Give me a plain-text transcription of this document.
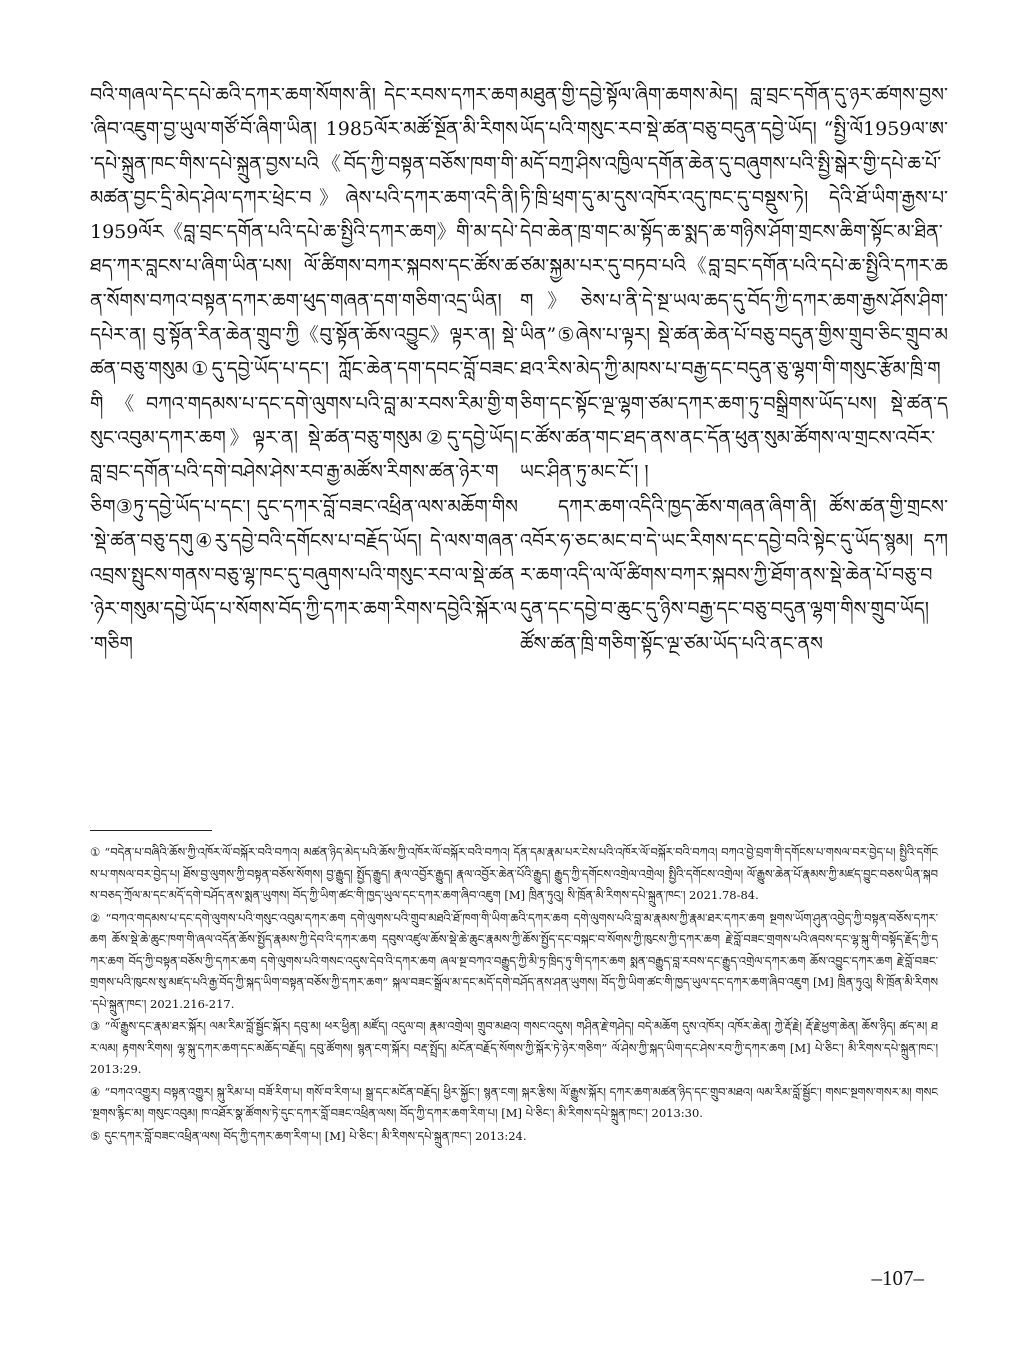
བའི་གཞལ་དེང་དཔེ་ཆའི་དཀར་ཆག་སོགས་ནི། དེང་རབས་དཀར་ཆག་ཞིབ་འཇུག་བྱ་ཡུལ་གཙོ་བོ་ཞིག་ཡིན། 1985ལོར་མཚོ་སྔོན་མི་རིགས་དཔེ་སྐྲུན་ཁང་གིས་དཔེ་སྐྲུན་བྱས་པའི《བོད་ཀྱི་བསྟན་བཅོས་ཁག་གི་མཚན་བྱང་དྲི་མེད་ཤེལ་དཀར་ཕྲེང་བ》ཞེས་པའི་དཀར་ཆག་འདི་ནི། 1959ལོར《བླ་བྲང་དགོན་པའི་དཔེ་ཆ་སྤྱིའི་དཀར་ཆག》གི་མ་དཔེ་ཐད་ཀར་བླངས་པ་ཞིག་ཡིན་པས། ལོ་ཚིགས་བཀར་སྐབས་དང་ཚོས་ཚན་སོགས་བཀའ་བསྟན་དཀར་ཆག་ཕུད་གཞན་དག་གཅིག་འདྲ་ཡིན། དཔེར་ན། བུ་སྟོན་རིན་ཆེན་གྲུབ་ཀྱི《བུ་སྟོན་ཆོས་འབྱུང》ལྟར་ན། སྡེ་ཚན་བཅུ་གསུམ①དུ་དབྱེ་ཡོད་པ་དང་། ཀློང་ཆེན་དག་དབང་བློ་བཟང་གི《བཀའ་གདམས་པ་དང་དགེ་ལུགས་པའི་བླ་མ་རབས་རིམ་གྱི་གསུང་འབུམ་དཀར་ཆག》ལྟར་ན། སྡེ་ཚན་བཅུ་གསུམ②དུ་དབྱེ་ཡོད། བླ་བྲང་དགོན་པའི་དགེ་བཤེས་ཤེས་རབ་རྒྱ་མཚོས་རིགས་ཚན་ཉེར་གཅིག③ཏུ་དབྱེ་ཡོད་པ་དང་། དུང་དཀར་བློ་བཟང་འཕྲིན་ལས་མཆོག་གིས་སྡེ་ཚན་བཅུ་དགུ④རུ་དབྱེ་བའི་དགོངས་པ་བརྗོད་ཡོད། དེ་ལས་གཞན་འབྲས་སྤུངས་གནས་བཅུ་ལྷ་ཁང་དུ་བཞུགས་པའི་གསུང་རབ་ལ་སྡེ་ཚན་ཉེར་གསུམ་དབྱེ་ཡོད་པ་སོགས་བོད་ཀྱི་དཀར་ཆག་རིགས་དབྱེའི་སྐོར་ལ་གཅིག

མཐུན་གྱི་དབྱེ་སྟོལ་ཞིག་ཆགས་མེད། བླ་བྲང་དགོན་དུ་ཉར་ཚགས་བྱས་ཡོད་པའི་གསུང་རབ་སྡེ་ཚན་བཅུ་བདུན་དབྱེ་ཡོད། “སྤྱི་ལོ1959ལ་ཨ་མདོ་བཀྲ་ཤིས་འཁྱིལ་དགོན་ཆེན་དུ་བཞུགས་པའི་སྤྱི་སྒེར་གྱི་དཔེ་ཆ་པོ་ཏི་ཁྲི་ཕྲག་དུ་མ་དུས་འཁོར་འདུ་ཁང་དུ་བསྡུས་ཏེ། དེའི་ཐོ་ཡིག་རྒྱས་པ་དེབ་ཆེན་ཁྲ་གང་མ་སྟོད་ཆ་སྨད་ཆ་གཉིས་ཤོག་གྲངས་ཆིག་སྟོང་མ་ཐིན་ཙམ་སྐྱམ་པར་དུ་བཏབ་པའི《བླ་བྲང་དགོན་པའི་དཔེ་ཆ་སྤྱིའི་དཀར་ཆག》ཅེས་པ་ནི་དེ་སྔ་ཡལ་ཆད་དུ་བོད་ཀྱི་དཀར་ཆག་རྒྱས་ཤོས་ཤིག་ཡིན”⑤ཞེས་པ་ལྟར། སྡེ་ཚན་ཆེན་པོ་བཅུ་བདུན་གྱིས་གྲུབ་ཅིང་གྲུབ་མཐའ་རིས་མེད་ཀྱི་མཁས་པ་བརྒྱ་དང་བདུན་ཅུ་ལྷག་གི་གསུང་རྩོམ་ཁྲི་གཅིག་དང་སྟོང་ལྔ་ལྷག་ཙམ་དཀར་ཆག་ཏུ་བསྒྲིགས་ཡོད་པས། སྡེ་ཚན་དང་ཚོས་ཚན་གང་ཐད་ནས་ནང་དོན་ཕུན་སུམ་ཚོགས་ལ་གྲངས་འབོར་ཡང་ཤིན་ཏུ་མང་ངོ་། །

དཀར་ཆག་འདིའི་ཁྱད་ཆོས་གཞན་ཞིག་ནི། ཚོས་ཚན་གྱི་གྲངས་འབོར་ཧ་ཅང་མང་བ་དེ་ཡང་རིགས་དང་དབྱེ་བའི་སྟེང་དུ་ཡོད་སྙམ། དཀར་ཆག་འདི་ལ་ལོ་ཚིགས་བཀར་སྐབས་ཀྱི་ཐོག་ནས་སྡེ་ཆེན་པོ་བཅུ་བདུན་དང་དབྱེ་བ་ཆུང་དུ་ཉིས་བརྒྱ་དང་བཅུ་བདུན་ལྷག་གིས་གྲུབ་ཡོད། ཚོས་ཚན་ཁྲི་གཅིག་སྟོང་ལྔ་ཙམ་ཡོད་པའི་ནང་ནས

① “བདེན་པ་བཞིའི་ཆོས་ཀྱི་འཁོར་ལོ་བསྐོར་བའི་བཀའ། མཚན་ཉིད་མེད་པའི་ཆོས་ཀྱི་འཁོར་ལོ་བསྐོར་བའི་བཀའ། དོན་དམ་རྣམ་པར་ངེས་པའི་འཁོར་ལོ་བསྐོར་བའི་བཀའ། བཀའ་བྱེ་བྲག་གི་དགོངས་པ་གསལ་བར་བྱེད་པ། སྤྱིའི་དགོངས་པ་གསལ་བར་བྱེད་པ། ཐོས་བྱ་ལུགས་ཀྱི་བསྟན་བཅོས་སོགས། བྱ་རྒྱུད། སྤྱོད་རྒྱུད། རྣལ་འབྱོར་རྒྱུད། རྣལ་འབྱོར་ཆེན་པོའི་རྒྱུད། རྒྱུད་ཀྱི་དགོངས་འགྲེལ་འགྲེལ། སྤྱིའི་དགོངས་འགྲེལ། ལོ་རྒྱུས་ཆེན་པོ་རྣམས་ཀྱི་མཛད་བྱུང་བཅས་ཡིན་སྐབས་བཅད་ཀྲོལ་མ་དང་མདོ་དགེ་བཤོད་ནས་སྨན་ཡུགས། བོད་ཀྱི་ཡིག་ཚང་གི་ཁྱད་ཡུལ་དང་དཀར་ཆག་ཞིབ་འཇུག [M] ཁྲིན་ཏུའུ། སི་ཁྲོན་མི་རིགས་དཔེ་སྐྲུན་ཁང་། 2021.78-84.

② “བཀའ་གདམས་པ་དང་དགེ་ལུགས་པའི་གསུང་འབུམ་དཀར་ཆག དགེ་ལུགས་པའི་གྲུབ་མཐའི་ཐོ་ཁག་གི་ཡིག་ཆའི་དཀར་ཆག དགེ་ལུགས་པའི་བླ་མ་རྣམས་ཀྱི་རྣམ་ཐར་དཀར་ཆག སྔགས་ཡོག་ཤུན་འབྱེད་ཀྱི་བསྟན་བཅོས་དཀར་ཆག ཆོས་སྡེ་ཆེ་ཆུང་ཁག་གི་ཞལ་འདོན་ཆོས་སྤྱོད་རྣམས་ཀྱི་དེབ་འི་དཀར་ཆག དབུས་འཛུལ་ཆོས་སྡེ་ཆེ་ཆུང་རྣམས་ཀྱི་ཆོས་སྤྱོད་དང་བསྐང་བ་སོགས་ཀྱི་ཁུངས་ཀྱི་དཀར་ཆག རྗེ་བློ་བཟང་གྲགས་པའི་ཞབས་དང་ལྷ་སྐུ་གི་བསྟོད་རྗོད་ཀྱི་དཀར་ཆག བོད་ཀྱི་བསྟན་བཅོས་ཀྱི་དཀར་ཆག དགེ་ལུགས་པའི་གསང་འདུས་དེབ་འི་དཀར་ཆག ཞལ་སྔ་བཀའ་བརྒྱུད་ཀྱི་མི་ཏྲ་ཁྲིད་ཏུ་གི་དཀར་ཆག སྨན་བརྒྱུད་བླ་རབས་དང་རྒྱུད་འགྲེལ་དཀར་ཆག ཆོས་འབྱུང་དཀར་ཆག རྗེ་བློ་བཟང་གྲགས་པའི་ཁུངས་སུ་མཛད་པའི་རྒྱ་བོད་ཀྱི་སྐད་ཡིག་བསྟན་བཅོས་ཀྱི་དཀར་ཆག” སྐལ་བཟང་སྒྲོལ་མ་དང་མདོ་དགེ་བཤོད་ནས་ཤན་ཡུགས། བོད་ཀྱི་ཡིག་ཚང་གི་ཁྱད་ཡུལ་དང་དཀར་ཆག་ཞིབ་འཇུག [M] ཁྲིན་ཏུའུ། སི་ཁྲོན་མི་རིགས་དཔེ་སྐྲུན་ཁང་། 2021.216-217.

③ “ལོ་རྒྱུས་དང་རྣམ་ཐར་སྐོར། ལམ་རིམ་བློ་སྦྱོང་སྐོར། དབུ་མ། ཕར་ཕྱིན། མཛོད། འདུལ་བ། རྣམ་འགྲེལ། གྲུབ་མཐའ། གསང་འདུས། གཤིན་རྗེ་གཤེད། བདེ་མཆོག དུས་འཁོར། འཁོར་ཆེན། ཀྱེ་རྡོ་རྗེ། རྡོ་རྗེ་ཕྱག་ཆེན། ཆོས་ཉིད། ཚད་མ། ཐར་ལམ། རྟགས་རིགས། ལྷ་སྐུ་དཀར་ཆག་དང་མཆོད་བརྗོད། དབུ་ཚོགས། སྙན་ངག་སྐོར། བརྡ་སྤྲོད། མངོན་བརྗོད་སོགས་ཀྱི་སྐོར་ཏེ་ཉེར་གཅིག” ལོ་ཤེས་ཀྱི་སྐད་ཡིག་དང་ཤེས་རབ་ཀྱི་དཀར་ཆག [M] པེ་ཅིང་། མི་རིགས་དཔེ་སྐྲུན་ཁང་། 2013:29.

④ “བཀའ་འགྱུར། བསྟན་འགྱུར། སྐུ་རིམ་པ། བཟོ་རིག་པ། གསོ་བ་རིག་པ། སྒྲ་དང་མངོན་བརྗོད། ཕྱིར་སྐྱོང་། སྙན་ངག། སྐར་རྩིས། ལོ་རྒྱུས་སྐོར། དཀར་ཆག་མཚན་ཉིད་དང་གྲུབ་མཐའ། ལམ་རིམ་བློ་སྦྱོང་། གསང་སྔགས་གསར་མ། གསང་སྔགས་རྙིང་མ། གསུང་འབུམ། ཁ་འཐོར་སྣ་ཚོགས་ཏེ་དུང་དཀར་བློ་བཟང་འཕྲིན་ལས། བོད་ཀྱི་དཀར་ཆག་རིག་པ། [M] པེ་ཅིང་། མི་རིགས་དཔེ་སྐྲུན་ཁང་། 2013:30.

⑤ དུང་དཀར་བློ་བཟང་འཕྲིན་ལས། བོད་ཀྱི་དཀར་ཆག་རིག་པ། [M] པེ་ཅིང་། མི་རིགས་དཔེ་སྐྲུན་ཁང་། 2013:24.

–107–
